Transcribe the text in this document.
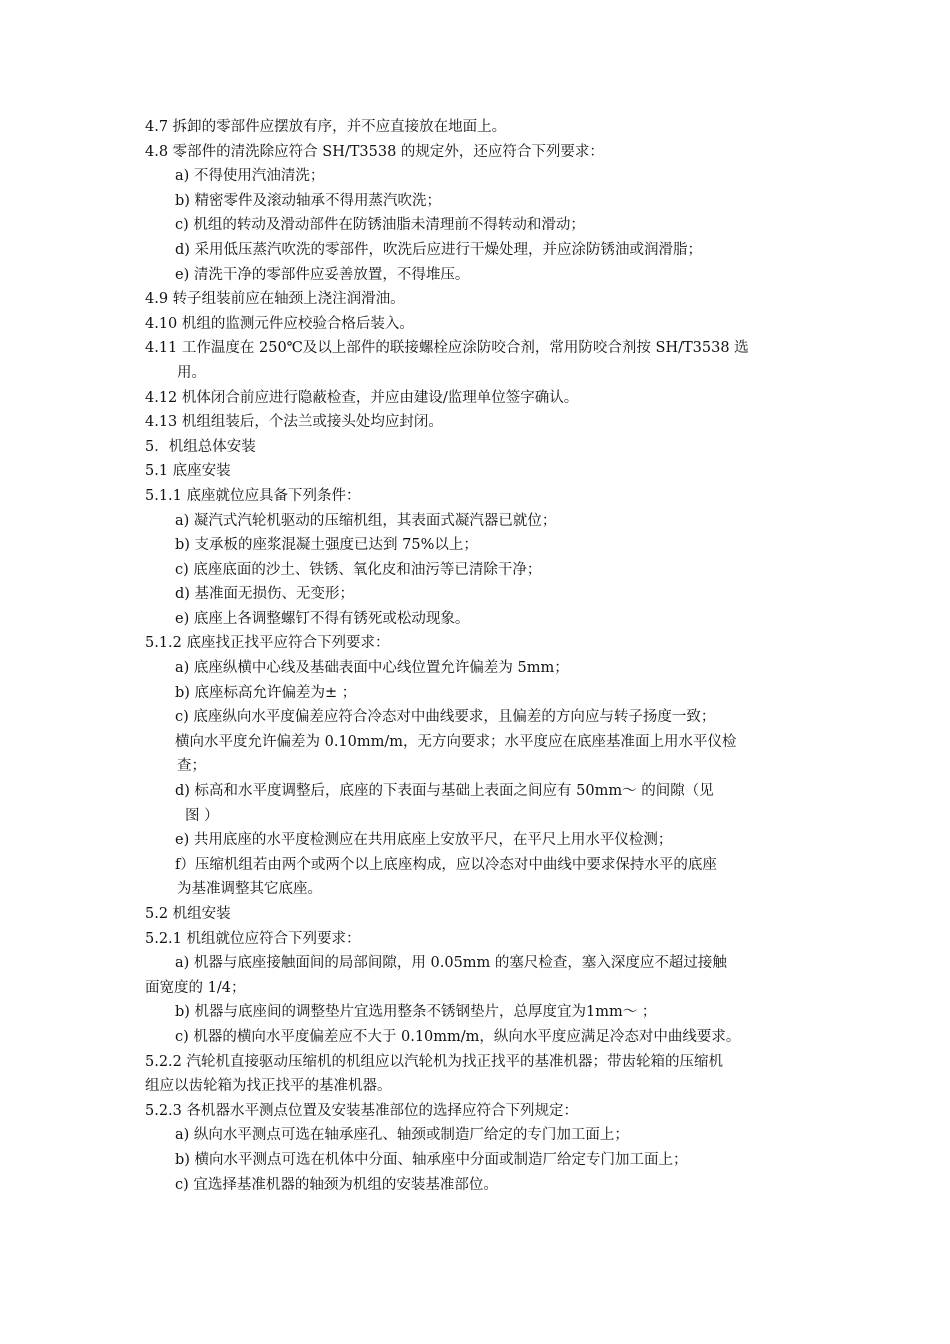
4.7 拆卸的零部件应摆放有序，并不应直接放在地面上。

4.8 零部件的清洗除应符合 SH/T3538 的规定外，还应符合下列要求：

a) 不得使用汽油清洗；

b) 精密零件及滚动轴承不得用蒸汽吹洗；

c) 机组的转动及滑动部件在防锈油脂未清理前不得转动和滑动；

d) 采用低压蒸汽吹洗的零部件，吹洗后应进行干燥处理，并应涂防锈油或润滑脂；

e) 清洗干净的零部件应妥善放置，不得堆压。

4.9 转子组装前应在轴颈上浇注润滑油。

4.10 机组的监测元件应校验合格后装入。

4.11 工作温度在 250℃及以上部件的联接螺栓应涂防咬合剂，常用防咬合剂按 SH/T3538 选

用。

4.12 机体闭合前应进行隐蔽检查，并应由建设/监理单位签字确认。

4.13 机组组装后，个法兰或接头处均应封闭。

5．机组总体安装

5.1 底座安装

5.1.1 底座就位应具备下列条件：

a) 凝汽式汽轮机驱动的压缩机组，其表面式凝汽器已就位；

b) 支承板的座浆混凝土强度已达到 75%以上；

c) 底座底面的沙土、铁锈、氧化皮和油污等已清除干净；

d) 基准面无损伤、无变形；

e) 底座上各调整螺钉不得有锈死或松动现象。

5.1.2 底座找正找平应符合下列要求：

a) 底座纵横中心线及基础表面中心线位置允许偏差为 5mm；

b) 底座标高允许偏差为± ；

c) 底座纵向水平度偏差应符合冷态对中曲线要求，且偏差的方向应与转子扬度一致；

横向水平度允许偏差为 0.10mm/m，无方向要求；水平度应在底座基准面上用水平仪检

查；

d) 标高和水平度调整后，底座的下表面与基础上表面之间应有 50mm～ 的间隙（见

图 ）

e) 共用底座的水平度检测应在共用底座上安放平尺，在平尺上用水平仪检测；

f）压缩机组若由两个或两个以上底座构成，应以冷态对中曲线中要求保持水平的底座

为基准调整其它底座。

5.2 机组安装

5.2.1 机组就位应符合下列要求：

a) 机器与底座接触面间的局部间隙，用 0.05mm 的塞尺检查，塞入深度应不超过接触

面宽度的 1/4；

b) 机器与底座间的调整垫片宜选用整条不锈钢垫片，总厚度宜为1mm～ ；

c) 机器的横向水平度偏差应不大于 0.10mm/m，纵向水平度应满足冷态对中曲线要求。

5.2.2 汽轮机直接驱动压缩机的机组应以汽轮机为找正找平的基准机器；带齿轮箱的压缩机

组应以齿轮箱为找正找平的基准机器。

5.2.3 各机器水平测点位置及安装基准部位的选择应符合下列规定：

a) 纵向水平测点可选在轴承座孔、轴颈或制造厂给定的专门加工面上；

b) 横向水平测点可选在机体中分面、轴承座中分面或制造厂给定专门加工面上；

c) 宜选择基准机器的轴颈为机组的安装基准部位。
